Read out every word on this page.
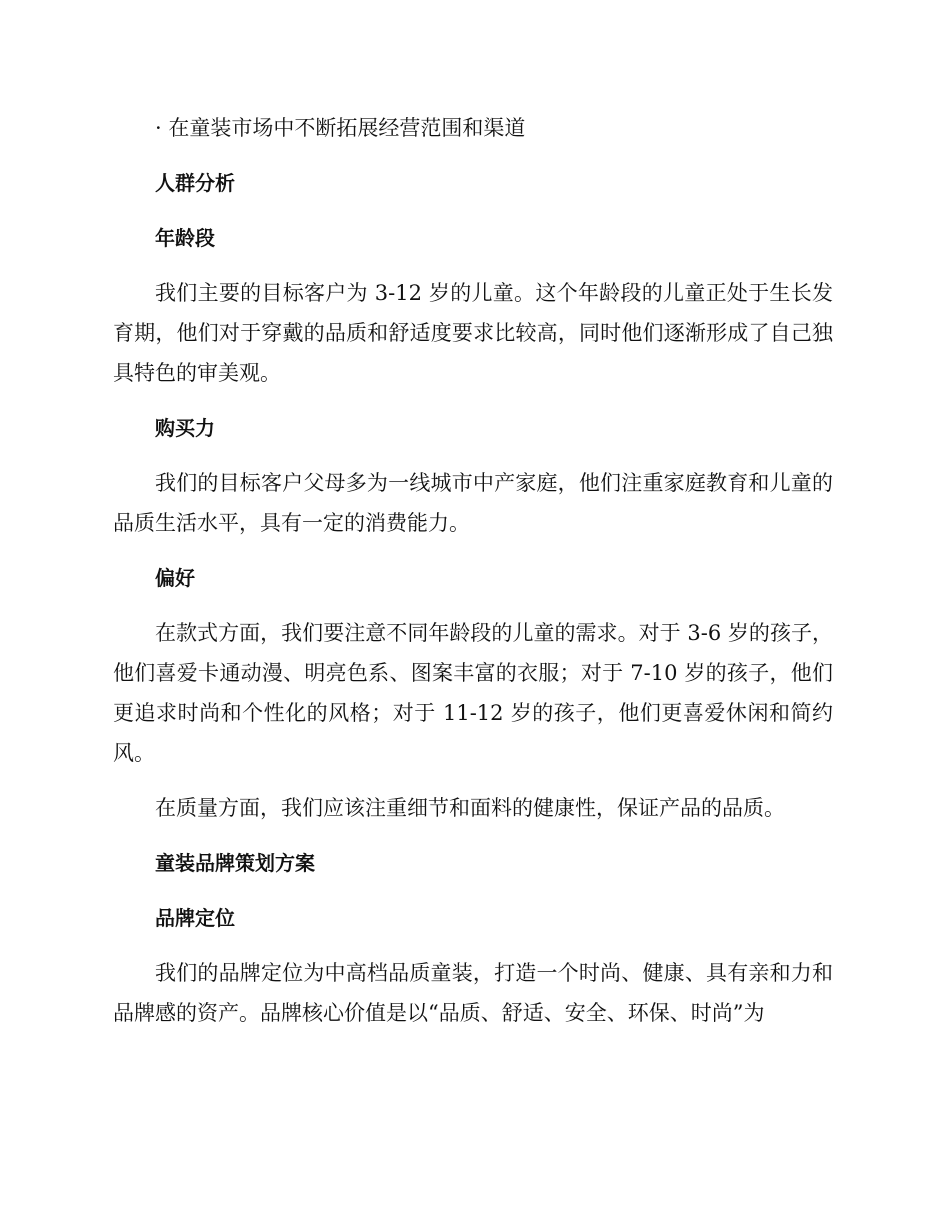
· 在童装市场中不断拓展经营范围和渠道

人群分析

年龄段

我们主要的目标客户为 3-12 岁的儿童。这个年龄段的儿童正处于生长发育期，他们对于穿戴的品质和舒适度要求比较高，同时他们逐渐形成了自己独具特色的审美观。

购买力

我们的目标客户父母多为一线城市中产家庭，他们注重家庭教育和儿童的品质生活水平，具有一定的消费能力。

偏好

在款式方面，我们要注意不同年龄段的儿童的需求。对于 3-6 岁的孩子，他们喜爱卡通动漫、明亮色系、图案丰富的衣服；对于 7-10 岁的孩子，他们更追求时尚和个性化的风格；对于 11-12 岁的孩子，他们更喜爱休闲和简约风。

在质量方面，我们应该注重细节和面料的健康性，保证产品的品质。

童装品牌策划方案

品牌定位

我们的品牌定位为中高档品质童装，打造一个时尚、健康、具有亲和力和品牌感的资产。品牌核心价值是以“品质、舒适、安全、环保、时尚”为
